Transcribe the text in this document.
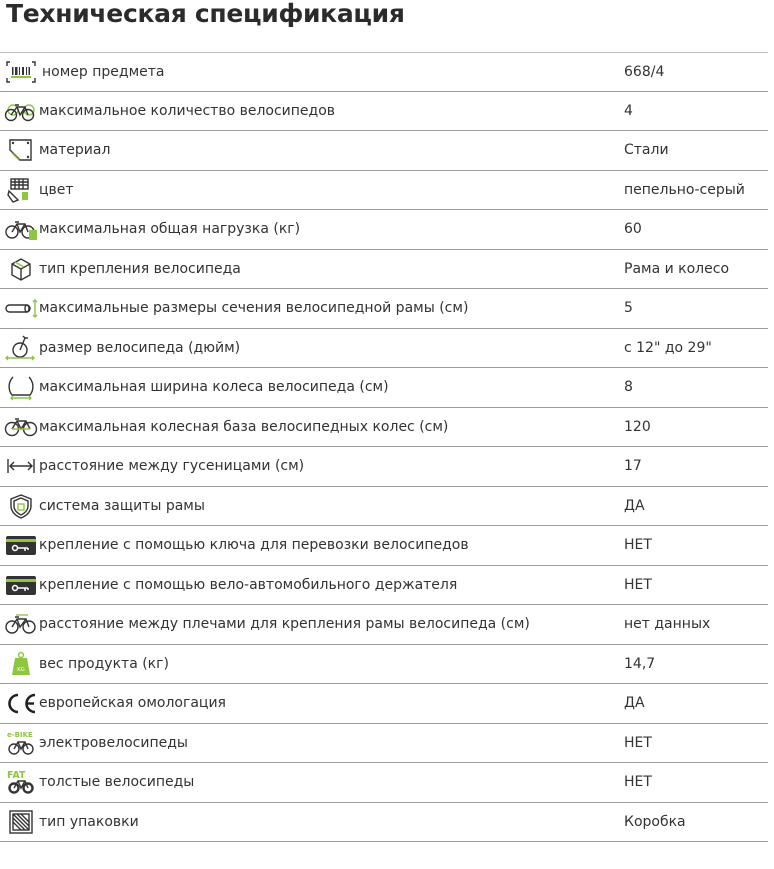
Техническая спецификация
номер предмета	668/4
максимальное количество велосипедов	4
материал	Стали
цвет	пепельно-серый
максимальная общая нагрузка (кг)	60
тип крепления велосипеда	Рама и колесо
максимальные размеры сечения велосипедной рамы (см)	5
размер велосипеда (дюйм)	с 12" до 29"
максимальная ширина колеса велосипеда (см)	8
максимальная колесная база велосипедных колес (см)	120
расстояние между гусеницами (см)	17
система защиты рамы	ДА
крепление с помощью ключа для перевозки велосипедов	НЕТ
крепление с помощью вело-автомобильного держателя	НЕТ
расстояние между плечами для крепления рамы велосипеда (см)	нет данных
KG вес продукта (кг)	14,7
европейская омологация	ДА
e-BIKE электровелосипеды	НЕТ
FAT толстые велосипеды	НЕТ
тип упаковки	Коробка
